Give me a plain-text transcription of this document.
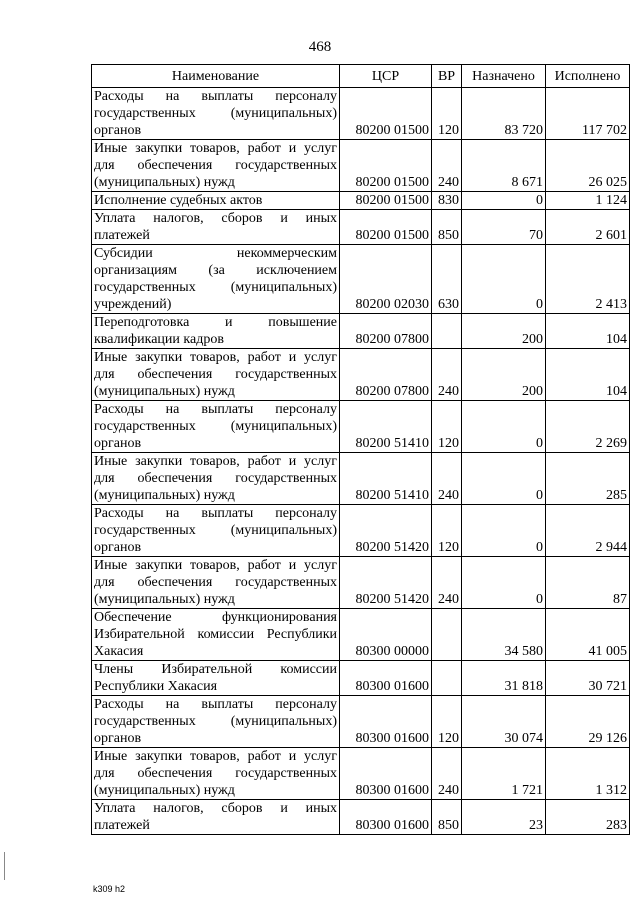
468
Наименование	ЦСР	ВР	Назначено	Исполнено
Расходы на выплаты персоналу государственных (муниципальных) органов	80200 01500	120	83 720	117 702
Иные закупки товаров, работ и услуг для обеспечения государственных (муниципальных) нужд	80200 01500	240	8 671	26 025
Исполнение судебных актов	80200 01500	830	0	1 124
Уплата налогов, сборов и иных платежей	80200 01500	850	70	2 601
Субсидии некоммерческим организациям (за исключением государственных (муниципальных) учреждений)	80200 02030	630	0	2 413
Переподготовка и повышение квалификации кадров	80200 07800		200	104
Иные закупки товаров, работ и услуг для обеспечения государственных (муниципальных) нужд	80200 07800	240	200	104
Расходы на выплаты персоналу государственных (муниципальных) органов	80200 51410	120	0	2 269
Иные закупки товаров, работ и услуг для обеспечения государственных (муниципальных) нужд	80200 51410	240	0	285
Расходы на выплаты персоналу государственных (муниципальных) органов	80200 51420	120	0	2 944
Иные закупки товаров, работ и услуг для обеспечения государственных (муниципальных) нужд	80200 51420	240	0	87
Обеспечение функционирования Избирательной комиссии Республики Хакасия	80300 00000		34 580	41 005
Члены Избирательной комиссии Республики Хакасия	80300 01600		31 818	30 721
Расходы на выплаты персоналу государственных (муниципальных) органов	80300 01600	120	30 074	29 126
Иные закупки товаров, работ и услуг для обеспечения государственных (муниципальных) нужд	80300 01600	240	1 721	1 312
Уплата налогов, сборов и иных платежей	80300 01600	850	23	283
k309 h2
